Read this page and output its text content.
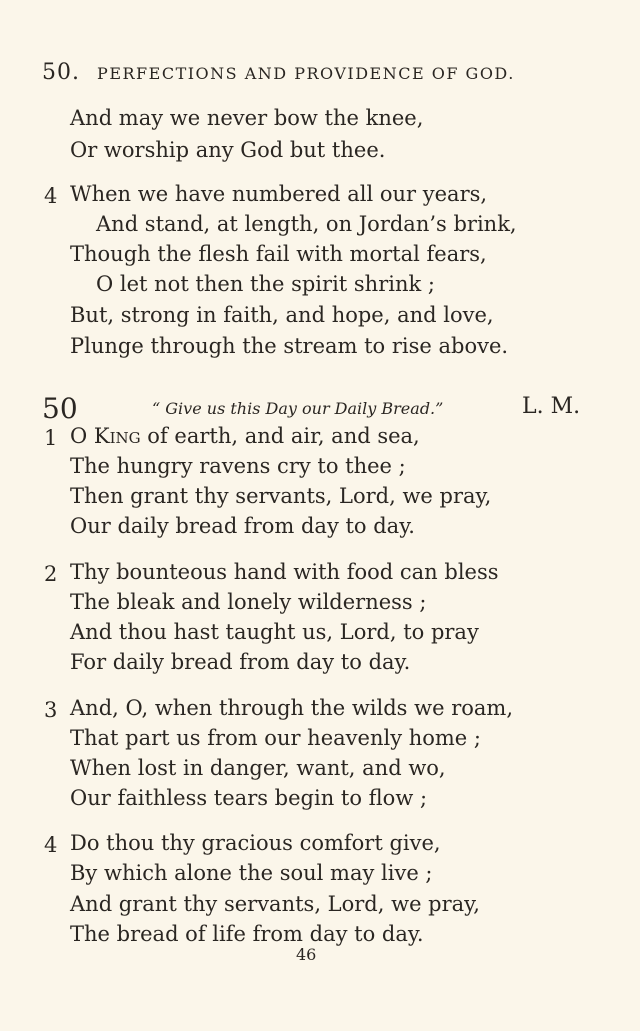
50. PERFECTIONS AND PROVIDENCE OF GOD.
And may we never bow the knee,
Or worship any God but thee.
4 When we have numbered all our years,
And stand, at length, on Jordan’s brink,
Though the flesh fail with mortal fears,
O let not then the spirit shrink ;
But, strong in faith, and hope, and love,
Plunge through the stream to rise above.
50	“ Give us this Day our Daily Bread.”	L. M.
1 O King of earth, and air, and sea,
The hungry ravens cry to thee ;
Then grant thy servants, Lord, we pray,
Our daily bread from day to day.
2 Thy bounteous hand with food can bless
The bleak and lonely wilderness ;
And thou hast taught us, Lord, to pray
For daily bread from day to day.
3 And, O, when through the wilds we roam,
That part us from our heavenly home ;
When lost in danger, want, and wo,
Our faithless tears begin to flow ;
4 Do thou thy gracious comfort give,
By which alone the soul may live ;
And grant thy servants, Lord, we pray,
The bread of life from day to day.
46
